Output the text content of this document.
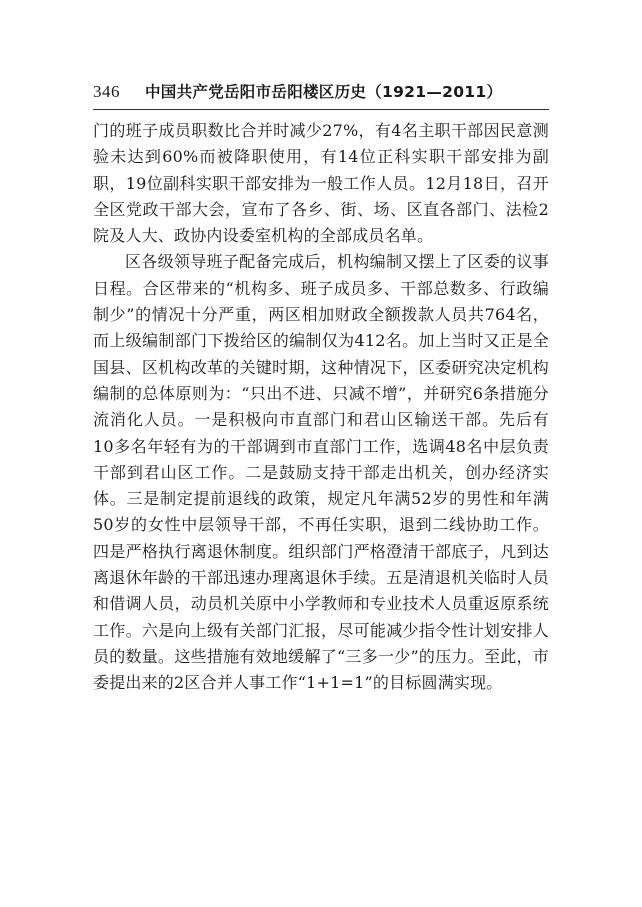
346	中国共产党岳阳市岳阳楼区历史（1921—2011）

门的班子成员职数比合并时减少27%，有4名主职干部因民意测验未达到60%而被降职使用，有14位正科实职干部安排为副职，19位副科实职干部安排为一般工作人员。12月18日，召开全区党政干部大会，宣布了各乡、街、场、区直各部门、法检2院及人大、政协内设委室机构的全部成员名单。

区各级领导班子配备完成后，机构编制又摆上了区委的议事日程。合区带来的“机构多、班子成员多、干部总数多、行政编制少”的情况十分严重，两区相加财政全额拨款人员共764名，而上级编制部门下拨给区的编制仅为412名。加上当时又正是全国县、区机构改革的关键时期，这种情况下，区委研究决定机构编制的总体原则为：“只出不进、只减不增”，并研究6条措施分流消化人员。一是积极向市直部门和君山区输送干部。先后有10多名年轻有为的干部调到市直部门工作，选调48名中层负责干部到君山区工作。二是鼓励支持干部走出机关，创办经济实体。三是制定提前退线的政策，规定凡年满52岁的男性和年满50岁的女性中层领导干部，不再任实职，退到二线协助工作。四是严格执行离退休制度。组织部门严格澄清干部底子，凡到达离退休年龄的干部迅速办理离退休手续。五是清退机关临时人员和借调人员，动员机关原中小学教师和专业技术人员重返原系统工作。六是向上级有关部门汇报，尽可能减少指令性计划安排人员的数量。这些措施有效地缓解了“三多一少”的压力。至此，市委提出来的2区合并人事工作“1+1=1”的目标圆满实现。
